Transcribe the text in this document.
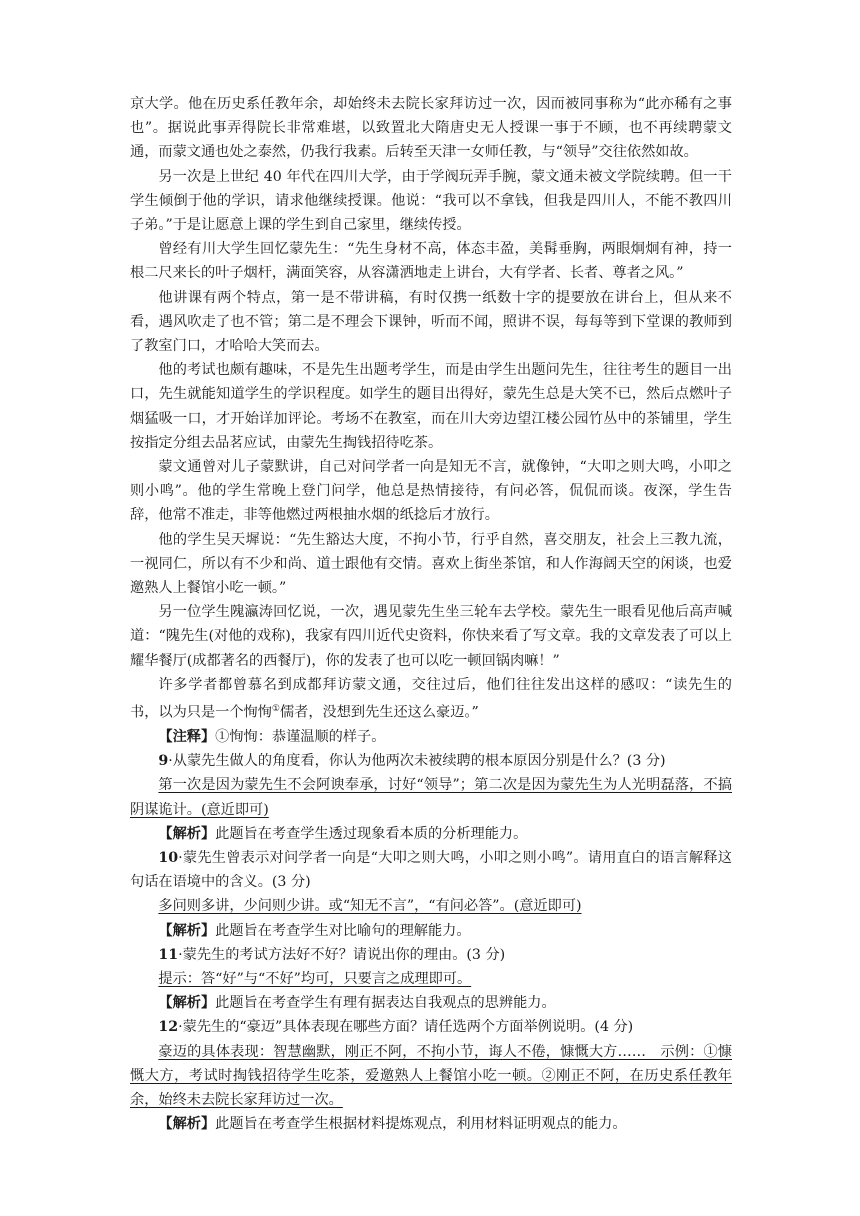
京大学。他在历史系任教年余，却始终未去院长家拜访过一次，因而被同事称为“此亦稀有之事也”。据说此事弄得院长非常难堪，以致置北大隋唐史无人授课一事于不顾，也不再续聘蒙文通，而蒙文通也处之泰然，仍我行我素。后转至天津一女师任教，与“领导”交往依然如故。

另一次是上世纪 40 年代在四川大学，由于学阀玩弄手腕，蒙文通未被文学院续聘。但一干学生倾倒于他的学识，请求他继续授课。他说：“我可以不拿钱，但我是四川人，不能不教四川子弟。”于是让愿意上课的学生到自己家里，继续传授。

曾经有川大学生回忆蒙先生：“先生身材不高，体态丰盈，美髯垂胸，两眼炯炯有神，持一根二尺来长的叶子烟杆，满面笑容，从容潇洒地走上讲台，大有学者、长者、尊者之风。”

他讲课有两个特点，第一是不带讲稿，有时仅携一纸数十字的提要放在讲台上，但从来不看，遇风吹走了也不管；第二是不理会下课钟，听而不闻，照讲不误，每每等到下堂课的教师到了教室门口，才哈哈大笑而去。

他的考试也颇有趣味，不是先生出题考学生，而是由学生出题问先生，往往考生的题目一出口，先生就能知道学生的学识程度。如学生的题目出得好，蒙先生总是大笑不已，然后点燃叶子烟猛吸一口，才开始详加评论。考场不在教室，而在川大旁边望江楼公园竹丛中的茶铺里，学生按指定分组去品茗应试，由蒙先生掏钱招待吃茶。

蒙文通曾对儿子蒙默讲，自己对问学者一向是知无不言，就像钟，“大叩之则大鸣，小叩之则小鸣”。他的学生常晚上登门问学，他总是热情接待，有问必答，侃侃而谈。夜深，学生告辞，他常不准走，非等他燃过两根抽水烟的纸捻后才放行。

他的学生吴天墀说：“先生豁达大度，不拘小节，行乎自然，喜交朋友，社会上三教九流，一视同仁，所以有不少和尚、道士跟他有交情。喜欢上街坐茶馆，和人作海阔天空的闲谈，也爱邀熟人上餐馆小吃一顿。”

另一位学生隗瀛涛回忆说，一次，遇见蒙先生坐三轮车去学校。蒙先生一眼看见他后高声喊道：“隗先生(对他的戏称)，我家有四川近代史资料，你快来看了写文章。我的文章发表了可以上耀华餐厅(成都著名的西餐厅)，你的发表了也可以吃一顿回锅肉嘛！”

许多学者都曾慕名到成都拜访蒙文通，交往过后，他们往往发出这样的感叹：“读先生的书，以为只是一个恂恂①儒者，没想到先生还这么豪迈。”

【注释】①恂恂：恭谨温顺的样子。

9·从蒙先生做人的角度看，你认为他两次未被续聘的根本原因分别是什么？(3 分)

第一次是因为蒙先生不会阿谀奉承，讨好“领导”；第二次是因为蒙先生为人光明磊落，不搞阴谋诡计。(意近即可)

【解析】此题旨在考查学生透过现象看本质的分析理能力。

10·蒙先生曾表示对问学者一向是“大叩之则大鸣，小叩之则小鸣”。请用直白的语言解释这句话在语境中的含义。(3 分)

多问则多讲，少问则少讲。或“知无不言”，“有问必答”。(意近即可)

【解析】此题旨在考查学生对比喻句的理解能力。

11·蒙先生的考试方法好不好？请说出你的理由。(3 分)

提示：答“好”与“不好”均可，只要言之成理即可。

【解析】此题旨在考查学生有理有据表达自我观点的思辨能力。

12·蒙先生的“豪迈”具体表现在哪些方面？请任选两个方面举例说明。(4 分)

豪迈的具体表现：智慧幽默，刚正不阿，不拘小节，诲人不倦，慷慨大方……　示例：①慷慨大方，考试时掏钱招待学生吃茶，爱邀熟人上餐馆小吃一顿。②刚正不阿，在历史系任教年余，始终未去院长家拜访过一次。

【解析】此题旨在考查学生根据材料提炼观点，利用材料证明观点的能力。
